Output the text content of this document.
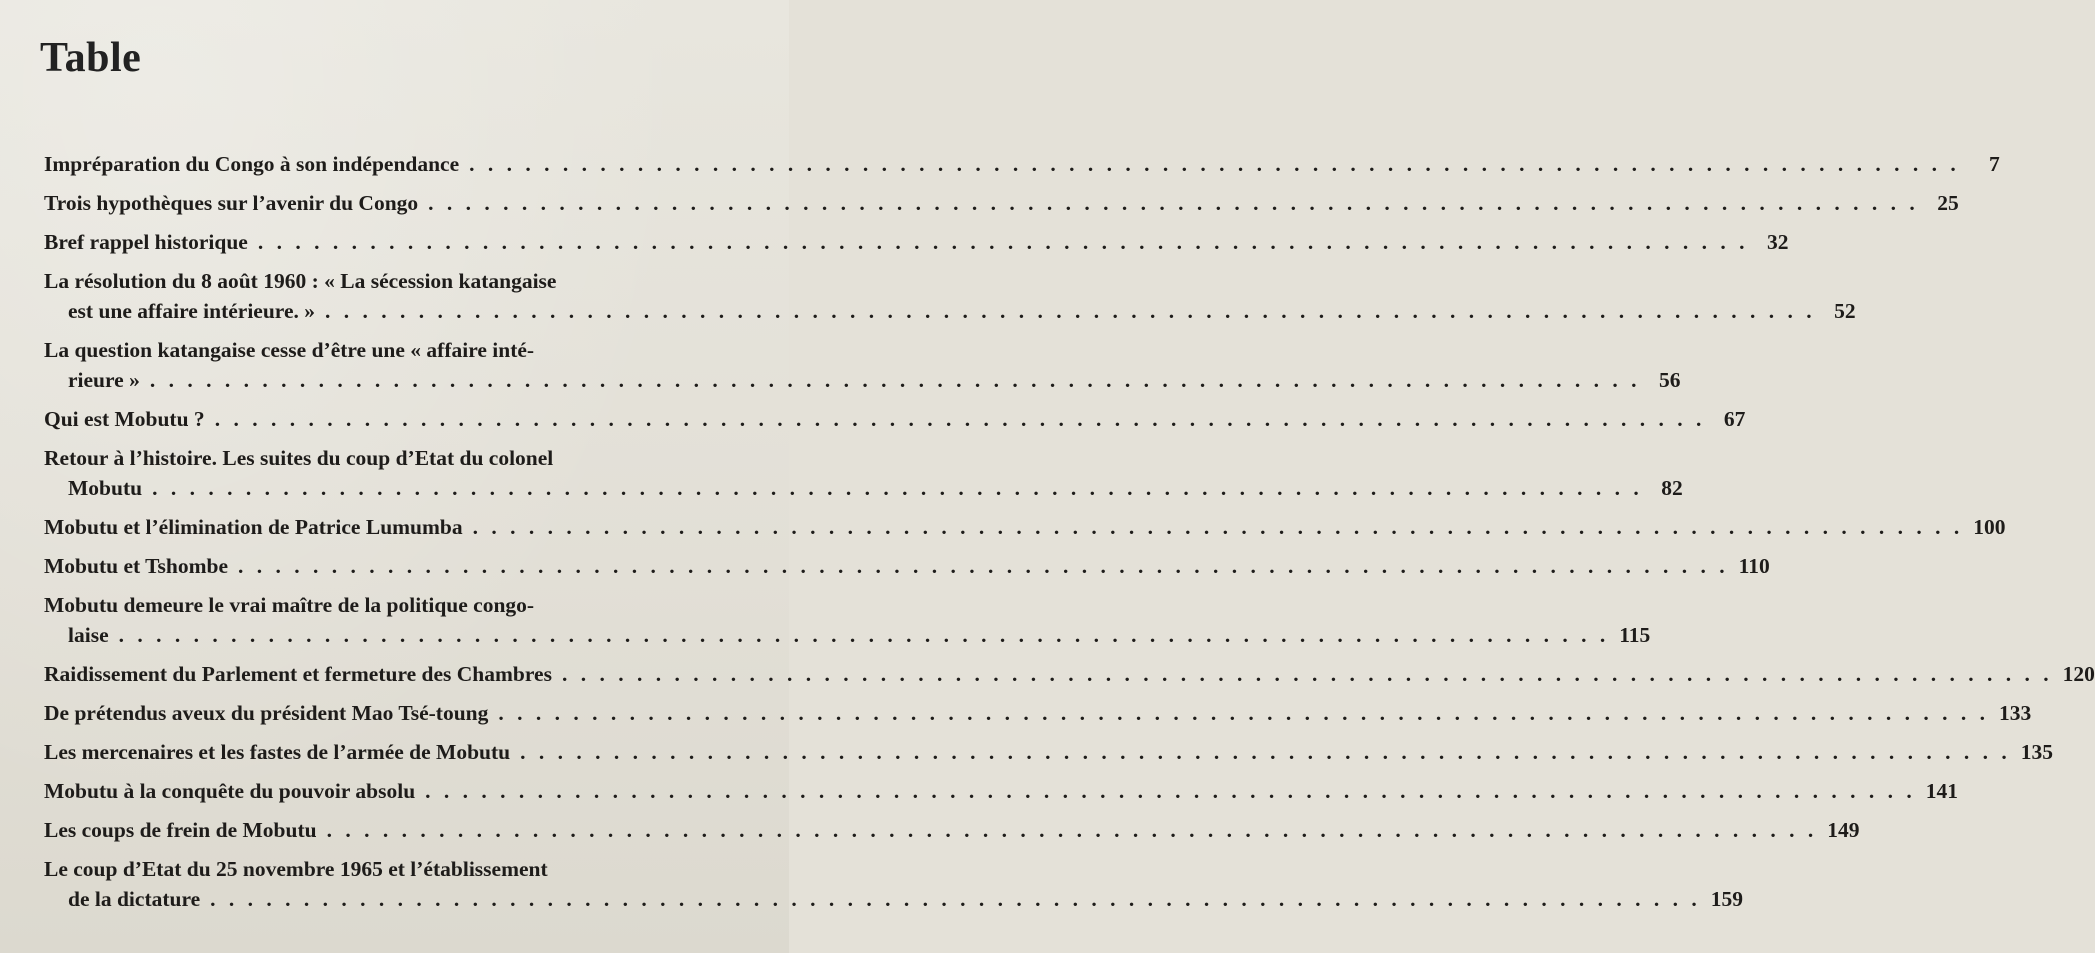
Table
Impréparation du Congo à son indépendance . . . . . . . . . . . . . . . . . . . . . . . . . . . . . . . . . . . . . . . . . . . . . . . . . . . . . . . . . . . . . . . . . . . . . . . . . . . . . . . .	7
Trois hypothèques sur l’avenir du Congo . . . . . . . . . . . . . . . . . . . . . . . . . . . . . . . . . . . . . . . . . . . . . . . . . . . . . . . . . . . . . . . . . . . . . . . . . . . . . . . . 25
Bref rappel historique . . . . . . . . . . . . . . . . . . . . . . . . . . . . . . . . . . . . . . . . . . . . . . . . . . . . . . . . . . . . . . . . . . . . . . . . . . . . . . . . 32
La résolution du 8 août 1960 : « La sécession katangaise
est une affaire intérieure. » . . . . . . . . . . . . . . . . . . . . . . . . . . . . . . . . . . . . . . . . . . . . . . . . . . . . . . . . . . . . . . . . . . . . . . . . . . . . . . . . 52
La question katangaise cesse d’être une « affaire inté-
rieure » . . . . . . . . . . . . . . . . . . . . . . . . . . . . . . . . . . . . . . . . . . . . . . . . . . . . . . . . . . . . . . . . . . . . . . . . . . . . . . . . 56
Qui est Mobutu ? . . . . . . . . . . . . . . . . . . . . . . . . . . . . . . . . . . . . . . . . . . . . . . . . . . . . . . . . . . . . . . . . . . . . . . . . . . . . . . . . 67
Retour à l’histoire. Les suites du coup d’Etat du colonel
Mobutu . . . . . . . . . . . . . . . . . . . . . . . . . . . . . . . . . . . . . . . . . . . . . . . . . . . . . . . . . . . . . . . . . . . . . . . . . . . . . . . . 82
Mobutu et l’élimination de Patrice Lumumba . . . . . . . . . . . . . . . . . . . . . . . . . . . . . . . . . . . . . . . . . . . . . . . . . . . . . . . . . . . . . . . . . . . . . . . . . . . . . . . . 100
Mobutu et Tshombe . . . . . . . . . . . . . . . . . . . . . . . . . . . . . . . . . . . . . . . . . . . . . . . . . . . . . . . . . . . . . . . . . . . . . . . . . . . . . . . . 110
Mobutu demeure le vrai maître de la politique congo-
laise . . . . . . . . . . . . . . . . . . . . . . . . . . . . . . . . . . . . . . . . . . . . . . . . . . . . . . . . . . . . . . . . . . . . . . . . . . . . . . . . 115
Raidissement du Parlement et fermeture des Chambres . . . . . . . . . . . . . . . . . . . . . . . . . . . . . . . . . . . . . . . . . . . . . . . . . . . . . . . . . . . . . . . . . . . . . . . . . . . . . . . . 120
De prétendus aveux du président Mao Tsé-toung . . . . . . . . . . . . . . . . . . . . . . . . . . . . . . . . . . . . . . . . . . . . . . . . . . . . . . . . . . . . . . . . . . . . . . . . . . . . . . . . 133
Les mercenaires et les fastes de l’armée de Mobutu . . . . . . . . . . . . . . . . . . . . . . . . . . . . . . . . . . . . . . . . . . . . . . . . . . . . . . . . . . . . . . . . . . . . . . . . . . . . . . . . 135
Mobutu à la conquête du pouvoir absolu . . . . . . . . . . . . . . . . . . . . . . . . . . . . . . . . . . . . . . . . . . . . . . . . . . . . . . . . . . . . . . . . . . . . . . . . . . . . . . . . 141
Les coups de frein de Mobutu . . . . . . . . . . . . . . . . . . . . . . . . . . . . . . . . . . . . . . . . . . . . . . . . . . . . . . . . . . . . . . . . . . . . . . . . . . . . . . . . 149
Le coup d’Etat du 25 novembre 1965 et l’établissement
de la dictature . . . . . . . . . . . . . . . . . . . . . . . . . . . . . . . . . . . . . . . . . . . . . . . . . . . . . . . . . . . . . . . . . . . . . . . . . . . . . . . . 159
